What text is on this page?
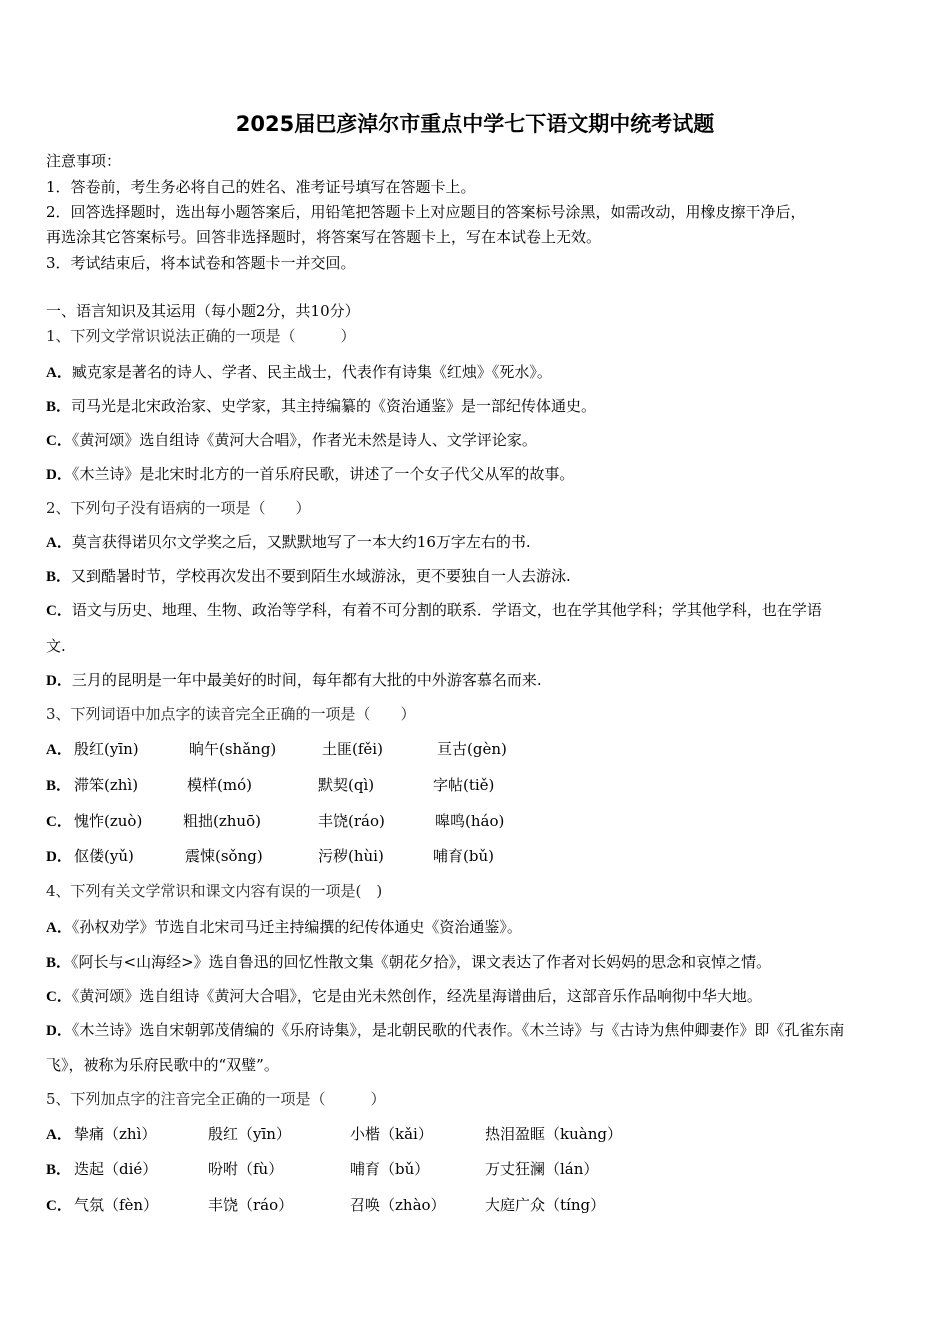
2025届巴彦淖尔市重点中学七下语文期中统考试题
注意事项：
1．答卷前，考生务必将自己的姓名、准考证号填写在答题卡上。
2．回答选择题时，选出每小题答案后，用铅笔把答题卡上对应题目的答案标号涂黑，如需改动，用橡皮擦干净后，
再选涂其它答案标号。回答非选择题时，将答案写在答题卡上，写在本试卷上无效。
3．考试结束后，将本试卷和答题卡一并交回。
一、语言知识及其运用（每小题2分，共10分）
1、下列文学常识说法正确的一项是（　　　）
A．臧克家是著名的诗人、学者、民主战士，代表作有诗集《红烛》《死水》。
B．司马光是北宋政治家、史学家，其主持编纂的《资治通鉴》是一部纪传体通史。
C．《黄河颂》选自组诗《黄河大合唱》，作者光未然是诗人、文学评论家。
D．《木兰诗》是北宋时北方的一首乐府民歌，讲述了一个女子代父从军的故事。
2、下列句子没有语病的一项是（　　）
A．莫言获得诺贝尔文学奖之后，又默默地写了一本大约16万字左右的书.
B．又到酷暑时节，学校再次发出不要到陌生水域游泳，更不要独自一人去游泳.
C．语文与历史、地理、生物、政治等学科，有着不可分割的联系．学语文，也在学其他学科；学其他学科，也在学语
文.
D．三月的昆明是一年中最美好的时间，每年都有大批的中外游客慕名而来.
3、下列词语中加点字的读音完全正确的一项是（　　）
A． 殷红(yīn)	晌午(shǎng)	土匪(fěi)	亘古(gèn)
B． 滞笨(zhì)	模样(mó)	默契(qì)	字帖(tiě)
C． 愧怍(zuò)	粗拙(zhuō)	丰饶(ráo)	嗥鸣(háo)
D． 伛偻(yǔ)	震悚(sǒng)	污秽(hùi)	哺育(bǔ)
4、下列有关文学常识和课文内容有误的一项是(　)
A．《孙权劝学》节选自北宋司马迁主持编撰的纪传体通史《资治通鉴》。
B．《阿长与<山海经>》选自鲁迅的回忆性散文集《朝花夕拾》，课文表达了作者对长妈妈的思念和哀悼之情。
C．《黄河颂》选自组诗《黄河大合唱》，它是由光未然创作，经冼星海谱曲后，这部音乐作品响彻中华大地。
D．《木兰诗》选自宋朝郭茂倩编的《乐府诗集》，是北朝民歌的代表作。《木兰诗》与《古诗为焦仲卿妻作》即《孔雀东南
飞》，被称为乐府民歌中的“双璧”。
5、下列加点字的注音完全正确的一项是（　　　）
A． 挚痛（zhì）	殷红（yīn）	小楷（kǎi）	热泪盈眶（kuàng）
B． 迭起（dié）	吩咐（fù）	哺育（bǔ）	万丈狂澜（lán）
C． 气氛（fèn）	丰饶（ráo）	召唤（zhào）	大庭广众（tíng）
